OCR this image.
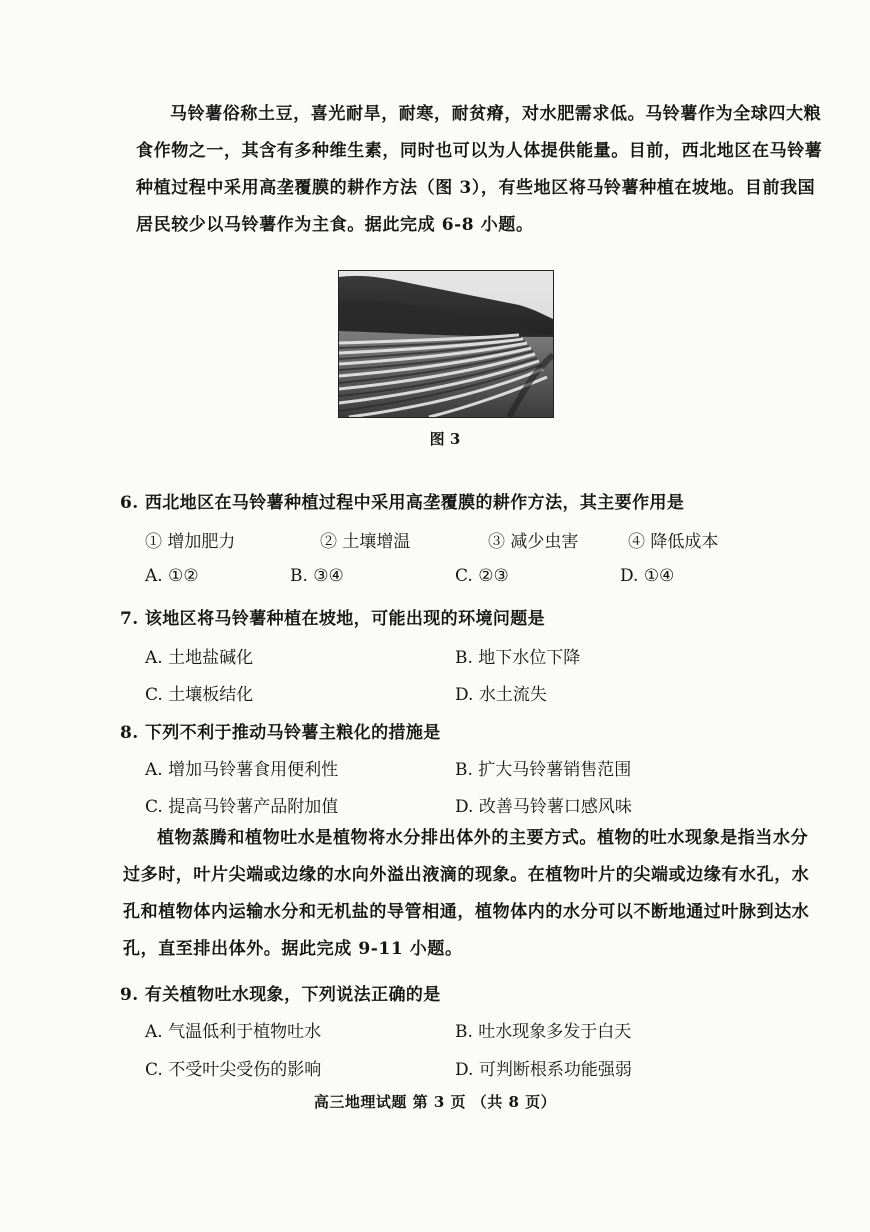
马铃薯俗称土豆，喜光耐旱，耐寒，耐贫瘠，对水肥需求低。马铃薯作为全球四大粮
食作物之一，其含有多种维生素，同时也可以为人体提供能量。目前，西北地区在马铃薯
种植过程中采用高垄覆膜的耕作方法（图 3），有些地区将马铃薯种植在坡地。目前我国
居民较少以马铃薯作为主食。据此完成 6-8 小题。
图 3
6. 西北地区在马铃薯种植过程中采用高垄覆膜的耕作方法，其主要作用是
① 增加肥力	② 土壤增温	③ 减少虫害	④ 降低成本
A. ①②	B. ③④	C. ②③	D. ①④
7. 该地区将马铃薯种植在坡地，可能出现的环境问题是
A. 土地盐碱化	B. 地下水位下降
C. 土壤板结化	D. 水土流失
8. 下列不利于推动马铃薯主粮化的措施是
A. 增加马铃薯食用便利性	B. 扩大马铃薯销售范围
C. 提高马铃薯产品附加值	D. 改善马铃薯口感风味
植物蒸腾和植物吐水是植物将水分排出体外的主要方式。植物的吐水现象是指当水分
过多时，叶片尖端或边缘的水向外溢出液滴的现象。在植物叶片的尖端或边缘有水孔，水
孔和植物体内运输水分和无机盐的导管相通，植物体内的水分可以不断地通过叶脉到达水
孔，直至排出体外。据此完成 9-11 小题。
9. 有关植物吐水现象，下列说法正确的是
A. 气温低利于植物吐水	B. 吐水现象多发于白天
C. 不受叶尖受伤的影响	D. 可判断根系功能强弱
高三地理试题 第 3 页 （共 8 页）
